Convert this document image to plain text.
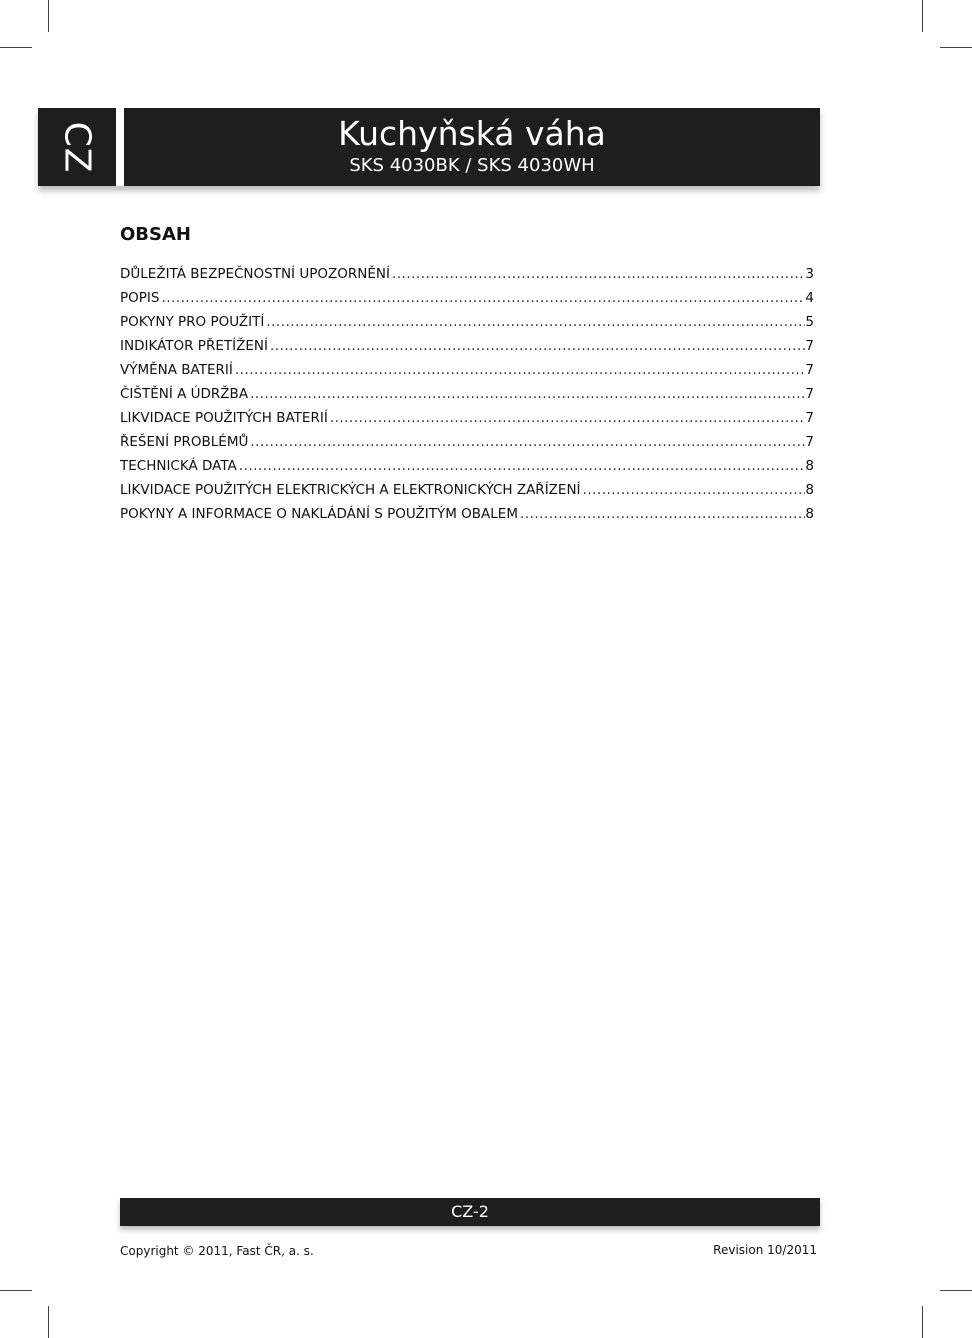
CZ	Kuchyňská váha
SKS 4030BK / SKS 4030WH
OBSAH
DŮLEŽITÁ BEZPEČNOSTNÍ UPOZORNĚNÍ .....	3
POPIS .....	4
POKYNY PRO POUŽITÍ .....	5
INDIKÁTOR PŘETÍŽENÍ .....	7
VÝMĚNA BATERIÍ .....	7
ČIŠTĚNÍ A ÚDRŽBA .....	7
LIKVIDACE POUŽITÝCH BATERIÍ .....	7
ŘEŠENÍ PROBLÉMŮ .....	7
TECHNICKÁ DATA .....	8
LIKVIDACE POUŽITÝCH ELEKTRICKÝCH A ELEKTRONICKÝCH ZAŘÍZENÍ .....	8
POKYNY A INFORMACE O NAKLÁDÁNÍ S POUŽITÝM OBALEM .....	8
CZ-2
Copyright © 2011, Fast ČR, a. s.	Revision 10/2011
